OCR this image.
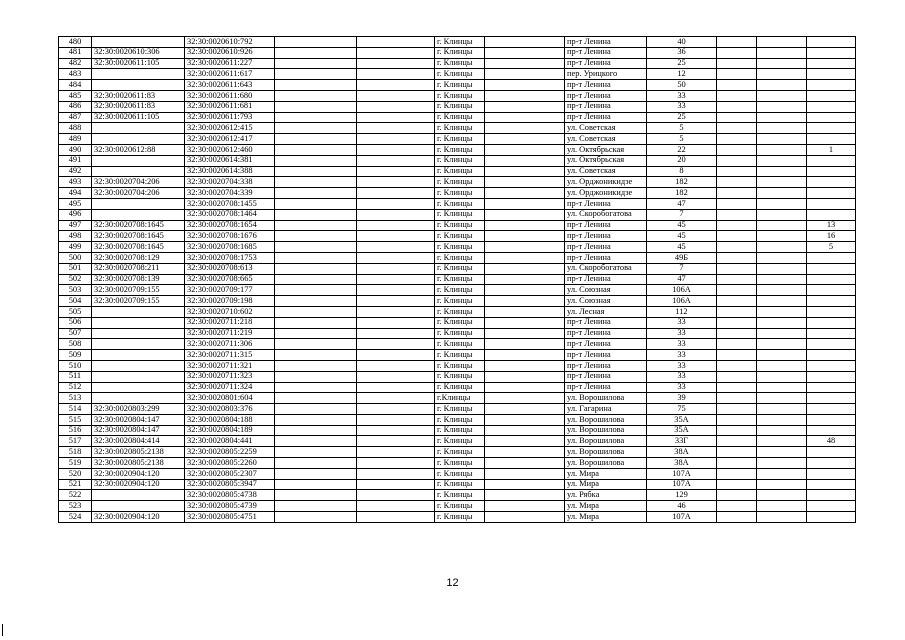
480		32:30:0020610:792			г. Клинцы		пр-т Ленина	40			
481	32:30:0020610:306	32:30:0020610:926			г. Клинцы		пр-т Ленина	36			
482	32:30:0020611:105	32:30:0020611:227			г. Клинцы		пр-т Ленина	25			
483		32:30:0020611:617			г. Клинцы		пер. Урицкого	12			
484		32:30:0020611:643			г. Клинцы		пр-т Ленина	50			
485	32:30:0020611:83	32:30:0020611:680			г. Клинцы		пр-т Ленина	33			
486	32:30:0020611:83	32:30:0020611:681			г. Клинцы		пр-т Ленина	33			
487	32:30:0020611:105	32:30:0020611:793			г. Клинцы		пр-т Ленина	25			
488		32:30:0020612:415			г. Клинцы		ул. Советская	5			
489		32:30:0020612:417			г. Клинцы		ул. Советская	5			
490	32:30:0020612:88	32:30:0020612:460			г. Клинцы		ул. Октябрьская	22			1
491		32:30:0020614:381			г. Клинцы		ул. Октябрьская	20			
492		32:30:0020614:388			г. Клинцы		ул. Советская	8			
493	32:30:0020704:206	32:30:0020704:338			г. Клинцы		ул. Орджоникидзе	182			
494	32:30:0020704:206	32:30:0020704:339			г. Клинцы		ул. Орджоникидзе	182			
495		32:30:0020708:1455			г. Клинцы		пр-т Ленина	47			
496		32:30:0020708:1464			г. Клинцы		ул. Скоробогатова	7			
497	32:30:0020708:1645	32:30:0020708:1654			г. Клинцы		пр-т Ленина	45			13
498	32:30:0020708:1645	32:30:0020708:1676			г. Клинцы		пр-т Ленина	45			16
499	32:30:0020708:1645	32:30:0020708:1685			г. Клинцы		пр-т Ленина	45			5
500	32:30:0020708:129	32:30:0020708:1753			г. Клинцы		пр-т Ленина	49Б			
501	32:30:0020708:211	32:30:0020708:613			г. Клинцы		ул. Скоробогатова	7			
502	32:30:0020708:139	32:30:0020708:665			г. Клинцы		пр-т Ленина	47			
503	32:30:0020709:155	32:30:0020709:177			г. Клинцы		ул. Союзная	106А			
504	32:30:0020709:155	32:30:0020709:198			г. Клинцы		ул. Союзная	106А			
505		32:30:0020710:602			г. Клинцы		ул. Лесная	112			
506		32:30:0020711:218			г. Клинцы		пр-т Ленина	33			
507		32:30:0020711:219			г. Клинцы		пр-т Ленина	33			
508		32:30:0020711:306			г. Клинцы		пр-т Ленина	33			
509		32:30:0020711:315			г. Клинцы		пр-т Ленина	33			
510		32:30:0020711:321			г. Клинцы		пр-т Ленина	33			
511		32:30:0020711:323			г. Клинцы		пр-т Ленина	33			
512		32:30:0020711:324			г. Клинцы		пр-т Ленина	33			
513		32:30:0020801:604			г.Клинцы		ул. Ворошилова	39			
514	32:30:0020803:299	32:30:0020803:376			г. Клинцы		ул. Гагарина	75			
515	32:30:0020804:147	32:30:0020804:188			г. Клинцы		ул. Ворошилова	35А			
516	32:30:0020804:147	32:30:0020804:189			г. Клинцы		ул. Ворошилова	35А			
517	32:30:0020804:414	32:30:0020804:441			г. Клинцы		ул. Ворошилова	33Г			48
518	32:30:0020805:2138	32:30:0020805:2259			г. Клинцы		ул. Ворошилова	38А			
519	32:30:0020805:2138	32:30:0020805:2260			г. Клинцы		ул. Ворошилова	38А			
520	32:30:0020904:120	32:30:0020805:2307			г. Клинцы		ул. Мира	107А			
521	32:30:0020904:120	32:30:0020805:3947			г. Клинцы		ул. Мира	107А			
522		32:30:0020805:4738			г. Клинцы		ул. Рябка	129			
523		32:30:0020805:4739			г. Клинцы		ул. Мира	46			
524	32:30:0020904:120	32:30:0020805:4751			г. Клинцы		ул. Мира	107А			
12
